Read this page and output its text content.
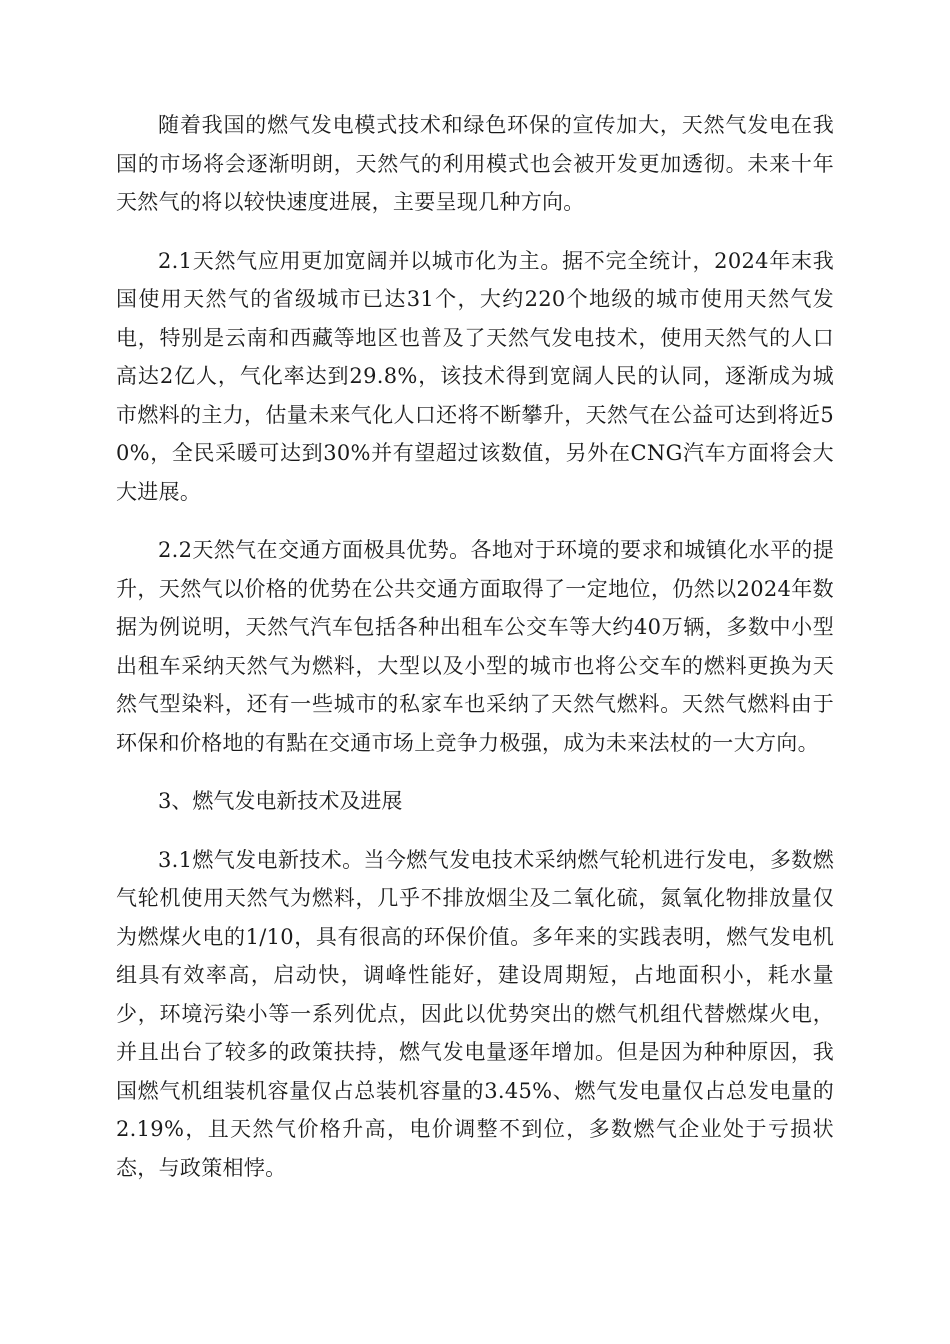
随着我国的燃气发电模式技术和绿色环保的宣传加大，天然气发电在我国的市场将会逐渐明朗，天然气的利用模式也会被开发更加透彻。未来十年天然气的将以较快速度进展，主要呈现几种方向。

2.1天然气应用更加宽阔并以城市化为主。据不完全统计，2024年末我国使用天然气的省级城市已达31个，大约220个地级的城市使用天然气发电，特别是云南和西藏等地区也普及了天然气发电技术，使用天然气的人口高达2亿人，气化率达到29.8%，该技术得到宽阔人民的认同，逐渐成为城市燃料的主力，估量未来气化人口还将不断攀升，天然气在公益可达到将近50%，全民采暖可达到30%并有望超过该数值，另外在CNG汽车方面将会大大进展。

2.2天然气在交通方面极具优势。各地对于环境的要求和城镇化水平的提升，天然气以价格的优势在公共交通方面取得了一定地位，仍然以2024年数据为例说明，天然气汽车包括各种出租车公交车等大约40万辆，多数中小型出租车采纳天然气为燃料，大型以及小型的城市也将公交车的燃料更换为天然气型染料，还有一些城市的私家车也采纳了天然气燃料。天然气燃料由于环保和价格地的有點在交通市场上竞争力极强，成为未来法杖的一大方向。

3、燃气发电新技术及进展

3.1燃气发电新技术。当今燃气发电技术采纳燃气轮机进行发电，多数燃气轮机使用天然气为燃料，几乎不排放烟尘及二氧化硫，氮氧化物排放量仅为燃煤火电的1/10，具有很高的环保价值。多年来的实践表明，燃气发电机组具有效率高，启动快，调峰性能好，建设周期短，占地面积小，耗水量少，环境污染小等一系列优点，因此以优势突出的燃气机组代替燃煤火电，并且出台了较多的政策扶持，燃气发电量逐年增加。但是因为种种原因，我国燃气机组装机容量仅占总装机容量的3.45%、燃气发电量仅占总发电量的2.19%，且天然气价格升高，电价调整不到位，多数燃气企业处于亏损状态，与政策相悖。
